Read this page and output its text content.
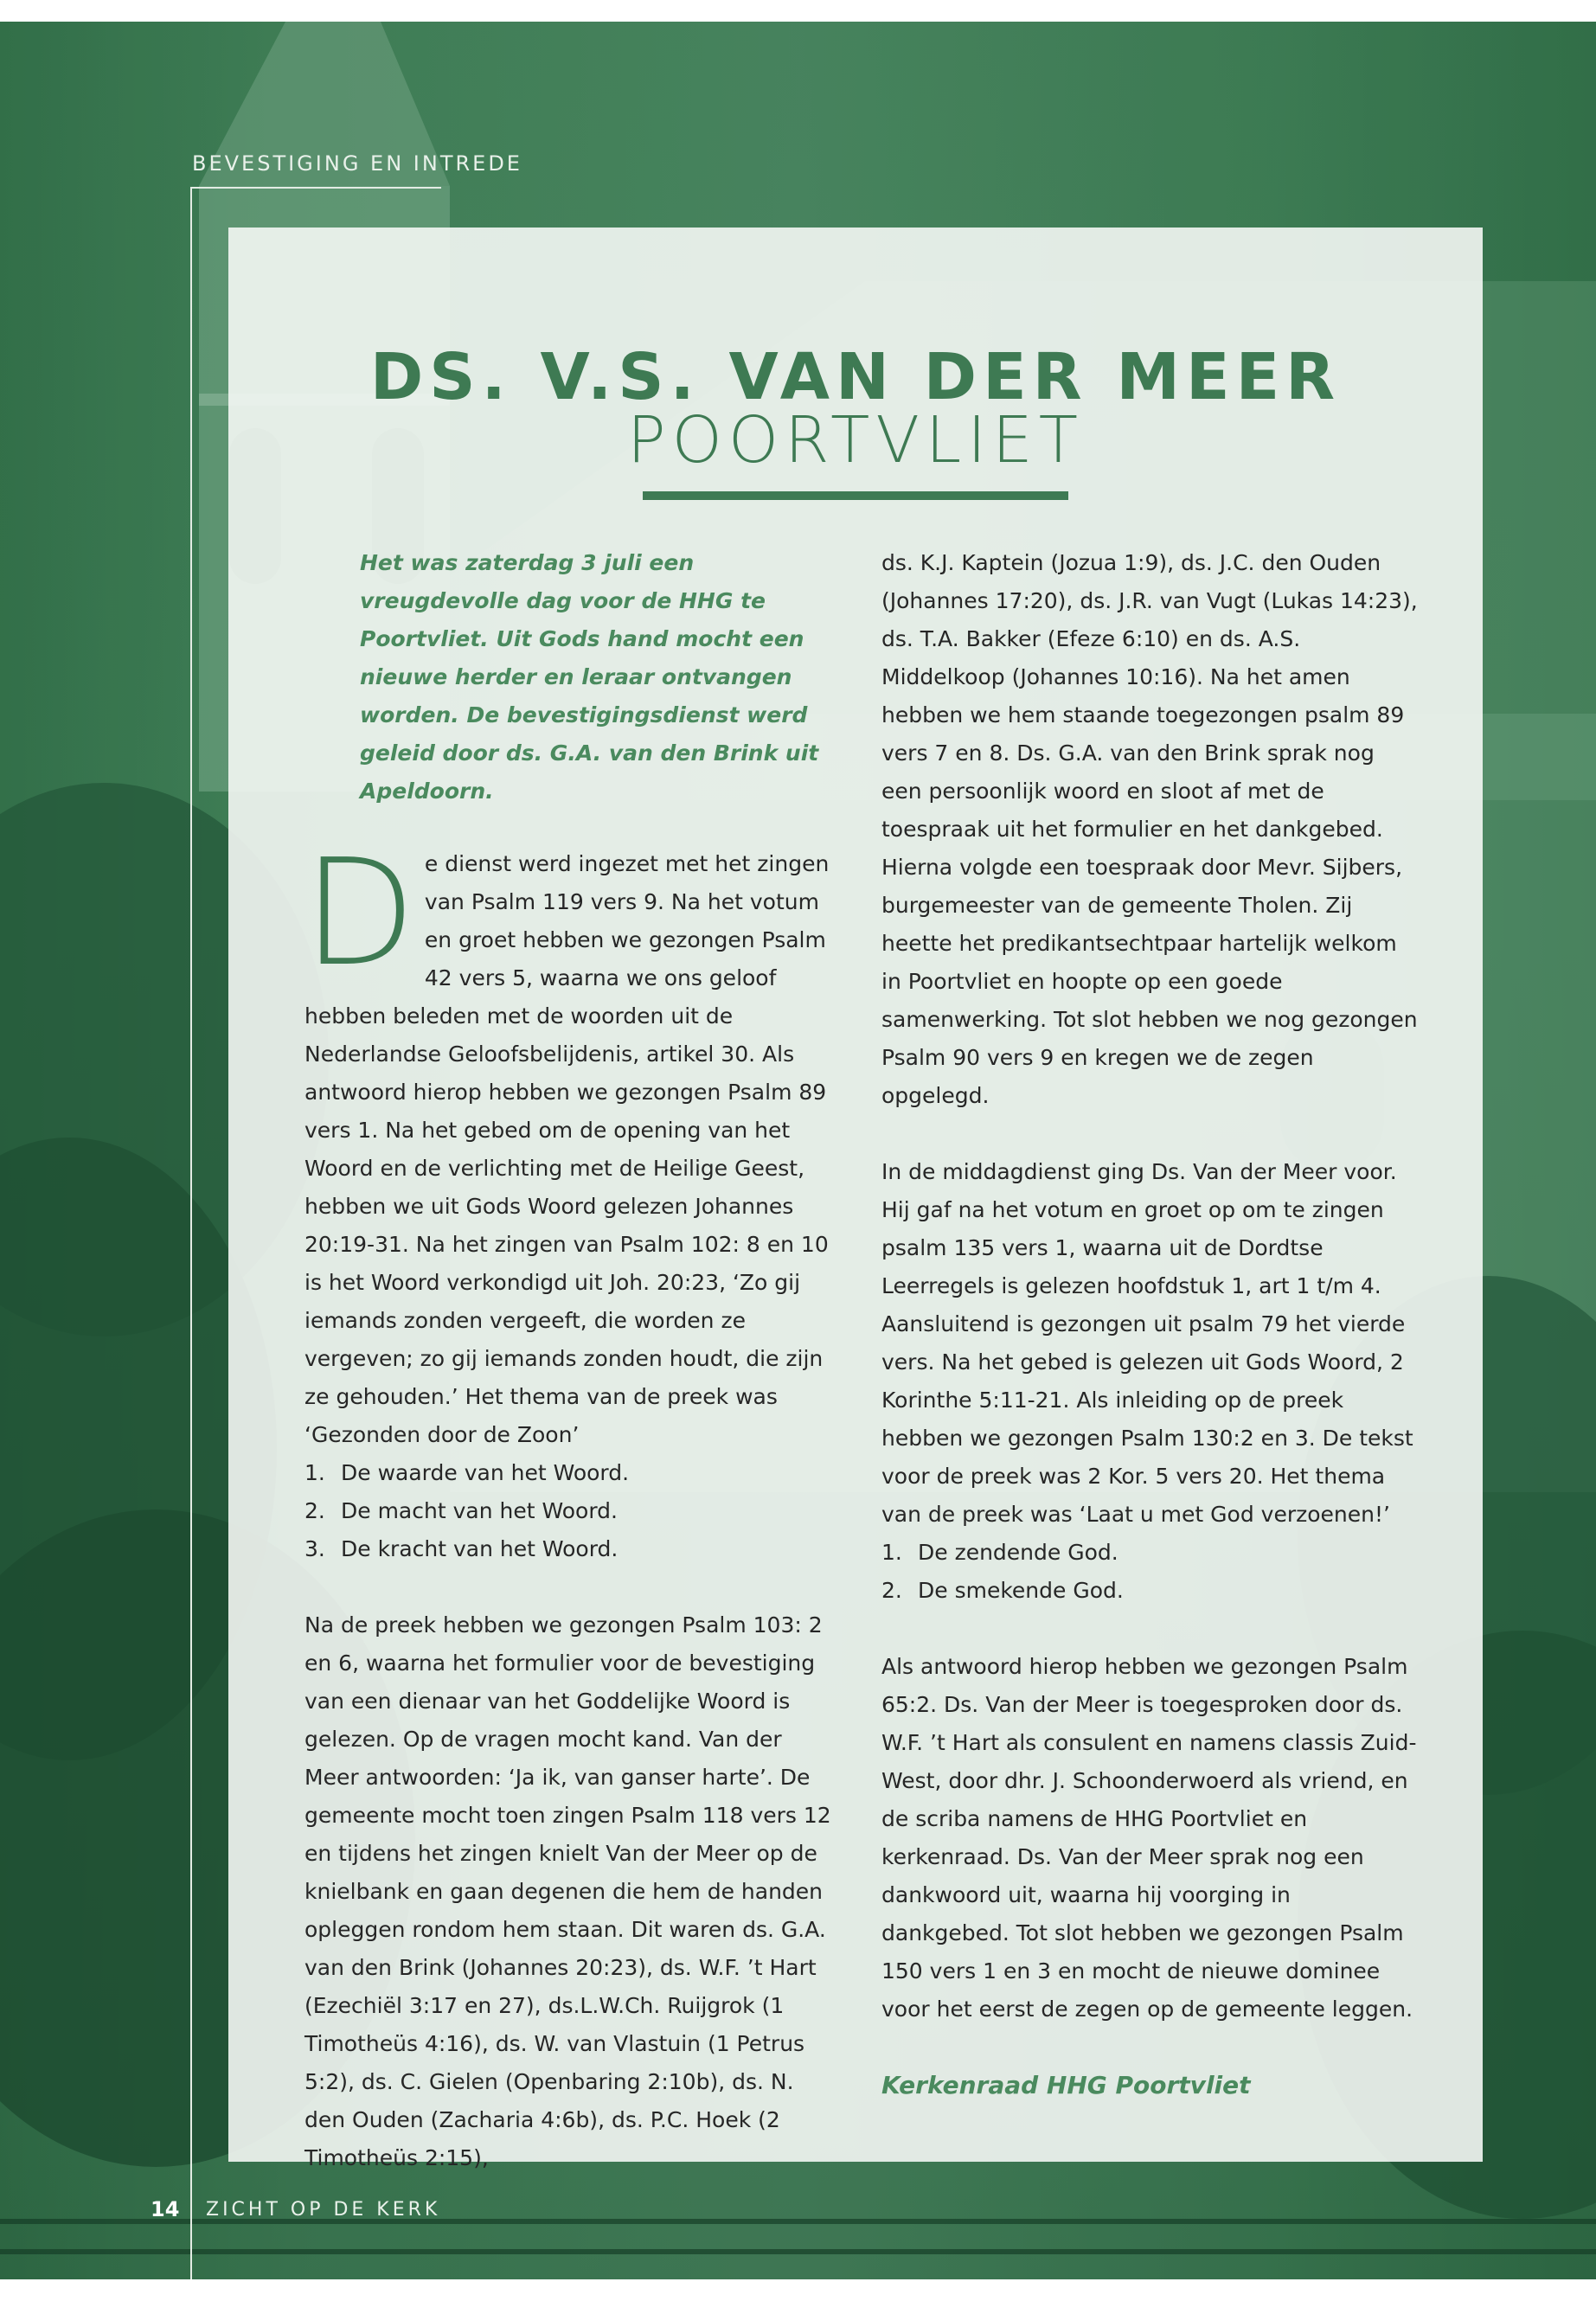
BEVESTIGING EN INTREDE
DS. V.S. VAN DER MEER
POORTVLIET

Het was zaterdag 3 juli een vreugdevolle dag voor de HHG te Poortvliet. Uit Gods hand mocht een nieuwe herder en leraar ontvangen worden. De bevestigingsdienst werd geleid door ds. G.A. van den Brink uit Apeldoorn.

De dienst werd ingezet met het zingen van Psalm 119 vers 9. Na het votum en groet hebben we gezongen Psalm 42 vers 5, waarna we ons geloof hebben beleden met de woorden uit de Nederlandse Geloofsbelijdenis, artikel 30. Als antwoord hierop hebben we gezongen Psalm 89 vers 1. Na het gebed om de opening van het Woord en de verlichting met de Heilige Geest, hebben we uit Gods Woord gelezen Johannes 20:19-31. Na het zingen van Psalm 102: 8 en 10 is het Woord verkondigd uit Joh. 20:23, ‘Zo gij iemands zonden vergeeft, die worden ze vergeven; zo gij iemands zonden houdt, die zijn ze gehouden.’ Het thema van de preek was ‘Gezonden door de Zoon’

1. De waarde van het Woord.

2. De macht van het Woord.

3. De kracht van het Woord.

Na de preek hebben we gezongen Psalm 103: 2 en 6, waarna het formulier voor de bevestiging van een dienaar van het Goddelijke Woord is gelezen. Op de vragen mocht kand. Van der Meer antwoorden: ‘Ja ik, van ganser harte’. De gemeente mocht toen zingen Psalm 118 vers 12 en tijdens het zingen knielt Van der Meer op de knielbank en gaan degenen die hem de handen opleggen rondom hem staan. Dit waren ds. G.A. van den Brink (Johannes 20:23), ds. W.F. ’t Hart (Ezechiël 3:17 en 27), ds.L.W.Ch. Ruijgrok (1 Timotheüs 4:16), ds. W. van Vlastuin (1 Petrus 5:2), ds. C. Gielen (Openbaring 2:10b), ds. N. den Ouden (Zacharia 4:6b), ds. P.C. Hoek (2 Timotheüs 2:15),

ds. K.J. Kaptein (Jozua 1:9), ds. J.C. den Ouden (Johannes 17:20), ds. J.R. van Vugt (Lukas 14:23), ds. T.A. Bakker (Efeze 6:10) en ds. A.S. Middelkoop (Johannes 10:16). Na het amen hebben we hem staande toegezongen psalm 89 vers 7 en 8. Ds. G.A. van den Brink sprak nog een persoonlijk woord en sloot af met de toespraak uit het formulier en het dankgebed. Hierna volgde een toespraak door Mevr. Sijbers, burgemeester van de gemeente Tholen. Zij heette het predikantsechtpaar hartelijk welkom in Poortvliet en hoopte op een goede samenwerking. Tot slot hebben we nog gezongen Psalm 90 vers 9 en kregen we de zegen opgelegd.

In de middagdienst ging Ds. Van der Meer voor. Hij gaf na het votum en groet op om te zingen psalm 135 vers 1, waarna uit de Dordtse Leerregels is gelezen hoofdstuk 1, art 1 t/m 4. Aansluitend is gezongen uit psalm 79 het vierde vers. Na het gebed is gelezen uit Gods Woord, 2 Korinthe 5:11-21. Als inleiding op de preek hebben we gezongen Psalm 130:2 en 3. De tekst voor de preek was 2 Kor. 5 vers 20. Het thema van de preek was ‘Laat u met God verzoenen!’

1. De zendende God.

2. De smekende God.

Als antwoord hierop hebben we gezongen Psalm 65:2. Ds. Van der Meer is toegesproken door ds. W.F. ’t Hart als consulent en namens classis Zuid-West, door dhr. J. Schoonderwoerd als vriend, en de scriba namens de HHG Poortvliet en kerkenraad. Ds. Van der Meer sprak nog een dankwoord uit, waarna hij voorging in dankgebed. Tot slot hebben we gezongen Psalm 150 vers 1 en 3 en mocht de nieuwe dominee voor het eerst de zegen op de gemeente leggen.

Kerkenraad HHG Poortvliet

14 ZICHT OP DE KERK
